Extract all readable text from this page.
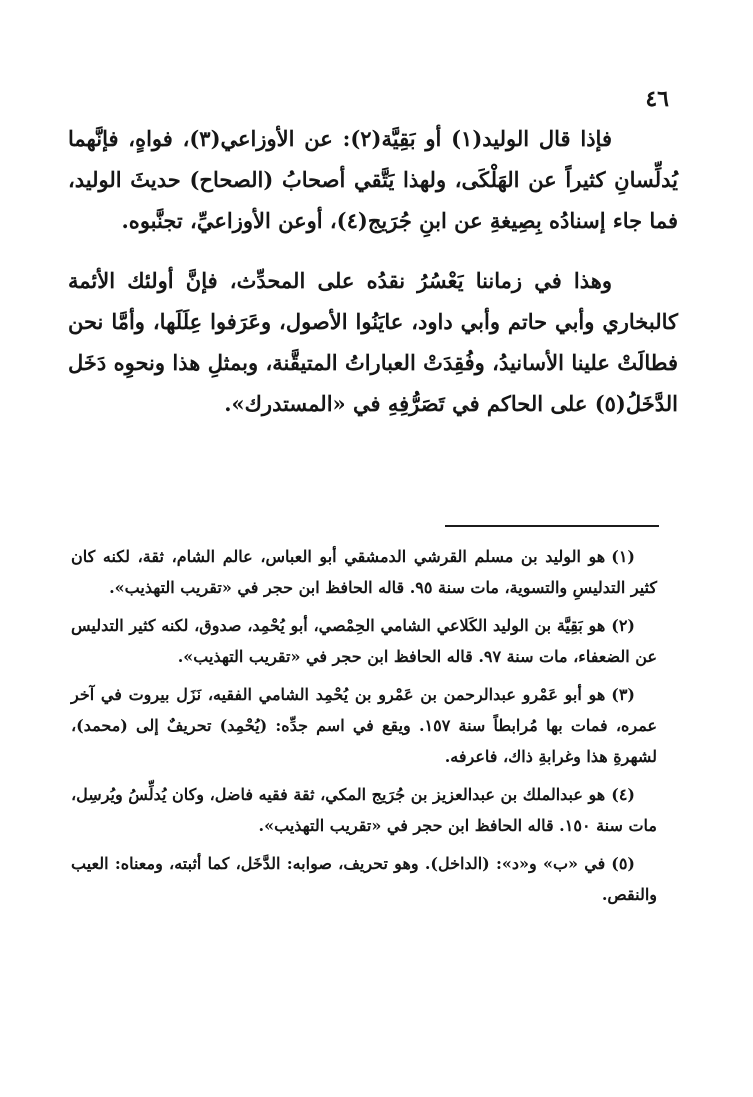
٤٦

فإذا قال الوليد(١) أو بَقِيَّة(٢): عن الأوزاعي(٣)، فواهٍ، فإنَّهما يُدلِّسانِ كثيراً عن الهَلْكَى، ولهذا يَتَّقي أصحابُ (الصحاح) حديثَ الوليد، فما جاء إسنادُه بِصِيغةِ عن ابنِ جُرَيج(٤)، أوعن الأوزاعيِّ، تجنَّبوه.

وهذا في زماننا يَعْسُرُ نقدُه على المحدِّث، فإنَّ أولئك الأئمة كالبخاري وأبي حاتم وأبي داود، عايَنُوا الأصول، وعَرَفوا عِلَلَها، وأمَّا نحن فطالَتْ علينا الأسانيدُ، وفُقِدَتْ العباراتُ المتيقَّنة، وبمثلِ هذا ونحوِه دَخَل الدَّخَلُ(٥) على الحاكم في تَصَرُّفِهِ في «المستدرك».

(١)هو الوليد بن مسلم القرشي الدمشقي أبو العباس، عالم الشام، ثقة، لكنه كان كثير التدليسِ والتسوية، مات سنة ٩٥. قاله الحافظ ابن حجر في «تقريب التهذيب».

(٢)هو بَقِيَّة بن الوليد الكَلاعي الشامي الحِمْصي، أبو يُحْمِد، صدوق، لكنه كثير التدليس عن الضعفاء، مات سنة ٩٧. قاله الحافظ ابن حجر في «تقريب التهذيب».

(٣)هو أبو عَمْرو عبدالرحمن بن عَمْرو بن يُحْمِد الشامي الفقيه، نَزَل بيروت في آخر عمره، فمات بها مُرابطاً سنة ١٥٧. ويقع في اسم جدِّه: (يُحْمِد) تحريفٌ إلى (محمد)، لشهرةِ هذا وغرابةِ ذاك، فاعرفه.

(٤)هو عبدالملك بن عبدالعزيز بن جُرَيج المكي، ثقة فقيه فاضل، وكان يُدلِّسُ ويُرسِل، مات سنة ١٥٠. قاله الحافظ ابن حجر في «تقريب التهذيب».

(٥)في «ب» و«د»: (الداخل). وهو تحريف، صوابه: الدَّخَل، كما أثبته، ومعناه: العيب والنقص.
